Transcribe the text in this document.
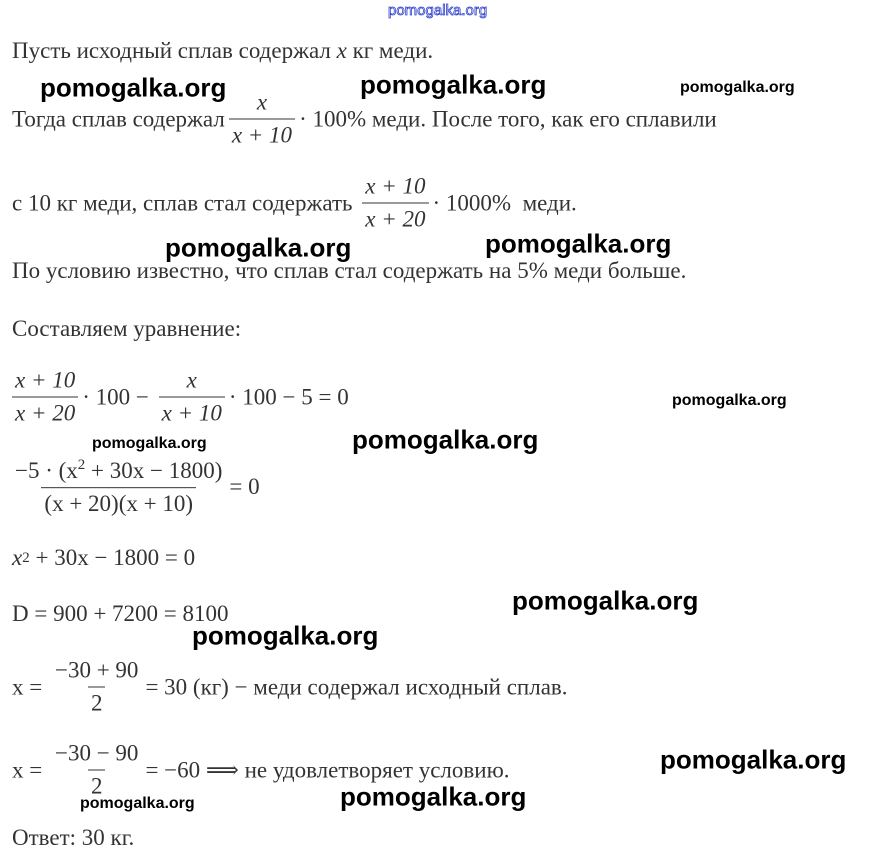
pomogalka.org
Пусть исходный сплав содержал x кг меди.
Тогда сплав содержал $\frac{x}{x + 10} \cdot 100\%$ меди. После того, как его сплавили
с 10 кг меди, сплав стал содержать $\frac{x + 10}{x + 20} \cdot 1000\%$  меди.
По условию известно, что сплав стал содержать на 5% меди больше.
Составляем уравнение:
$\frac{x + 10}{x + 20} \cdot 100 - \frac{x}{x + 10} \cdot 100 - 5 = 0$
$\frac{-5 \cdot (x^2 + 30x - 1800)}{(x + 20)(x + 10)} = 0$
x 2 + 30x − 1800 = 0
D = 900 + 7200 = 8100
$x = \frac{-30 + 90}{2} = 30$ (кг) − меди содержал исходный сплав.
$x = \frac{-30 - 90}{2} = -60$ ⟹ не удовлетворяет условию.
Ответ: 30 кг.
pomogalka.org	pomogalka.org	pomogalka.org
pomogalka.org	pomogalka.org
pomogalka.org
pomogalka.org	pomogalka.org
pomogalka.org
pomogalka.org
pomogalka.org
pomogalka.org	pomogalka.org
